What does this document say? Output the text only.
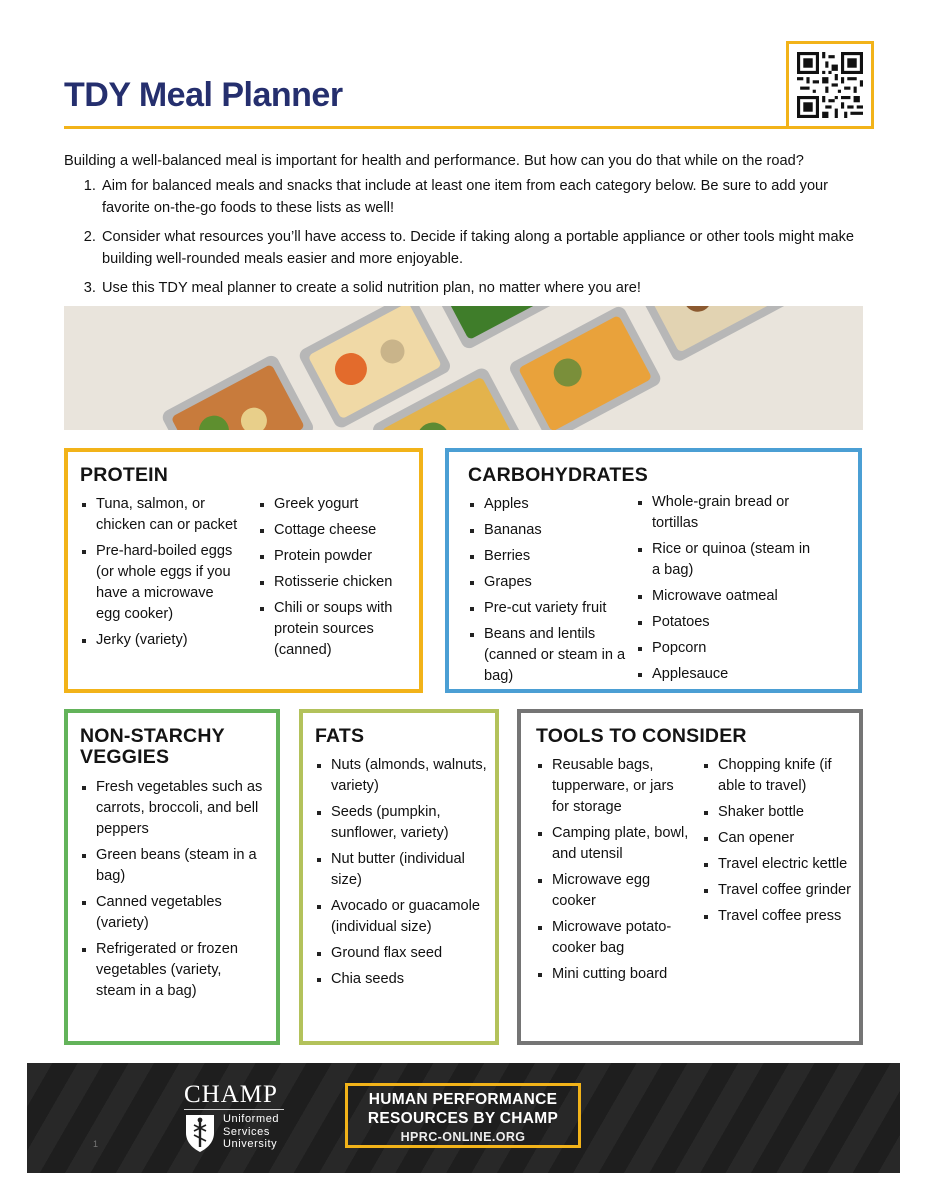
TDY Meal Planner

Building a well-balanced meal is important for health and performance. But how can you do that while on the road?

1. Aim for balanced meals and snacks that include at least one item from each category below. Be sure to add your favorite on-the-go foods to these lists as well!
2. Consider what resources you’ll have access to. Decide if taking along a portable appliance or other tools might make building well-rounded meals easier and more enjoyable.
3. Use this TDY meal planner to create a solid nutrition plan, no matter where you are!
PROTEIN
Tuna, salmon, or chicken can or packet
Pre-hard-boiled eggs (or whole eggs if you have a microwave egg cooker)
Jerky (variety)
Greek yogurt
Cottage cheese
Protein powder
Rotisserie chicken
Chili or soups with protein sources (canned)
CARBOHYDRATES
Apples
Bananas
Berries
Grapes
Pre-cut variety fruit
Beans and lentils (canned or steam in a bag)
Whole-grain bread or tortillas
Rice or quinoa (steam in a bag)
Microwave oatmeal
Potatoes
Popcorn
Applesauce
NON-STARCHY VEGGIES
Fresh vegetables such as carrots, broccoli, and bell peppers
Green beans (steam in a bag)
Canned vegetables (variety)
Refrigerated or frozen vegetables (variety, steam in a bag)
FATS
Nuts (almonds, walnuts, variety)
Seeds (pumpkin, sunflower, variety)
Nut butter (individual size)
Avocado or guacamole (individual size)
Ground flax seed
Chia seeds
TOOLS TO CONSIDER
Reusable bags, tupperware, or jars for storage
Camping plate, bowl, and utensil
Microwave egg cooker
Microwave potato-cooker bag
Mini cutting board
Chopping knife (if able to travel)
Shaker bottle
Can opener
Travel electric kettle
Travel coffee grinder
Travel coffee press
1
CHAMP
Uniformed
Services
University
HUMAN PERFORMANCE
RESOURCES BY CHAMP
HPRC-ONLINE.ORG
